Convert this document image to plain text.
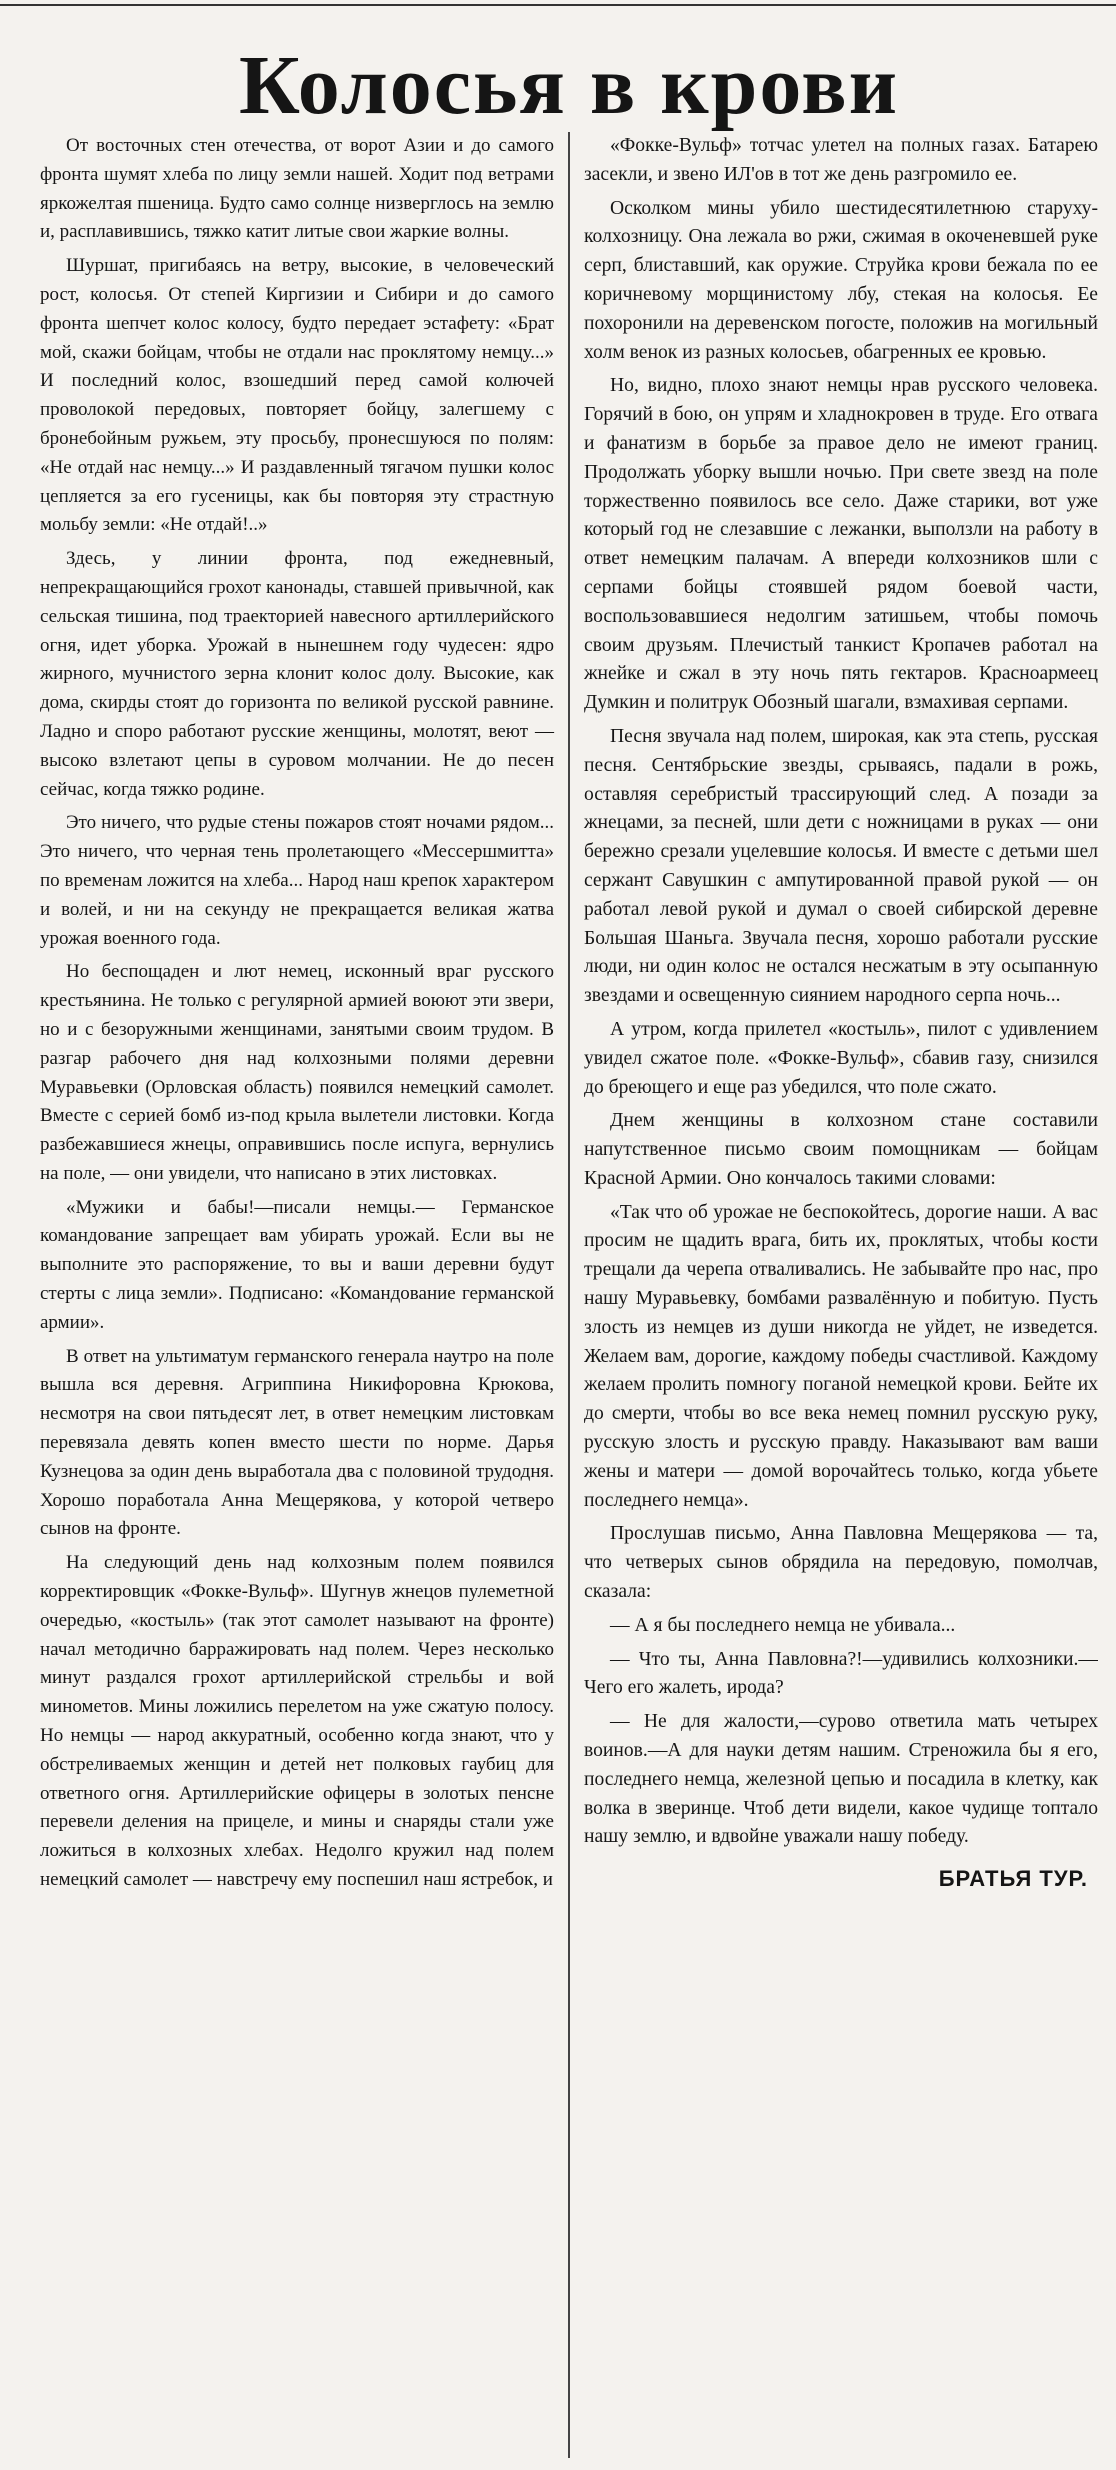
Колосья в крови

От восточных стен отечества, от ворот Азии и до самого фронта шумят хлеба по лицу земли нашей. Ходит под ветрами яркожелтая пшеница. Будто само солнце низверглось на землю и, расплавившись, тяжко катит литые свои жаркие волны.

Шуршат, пригибаясь на ветру, высокие, в человеческий рост, колосья. От степей Киргизии и Сибири и до самого фронта шепчет колос колосу, будто передает эстафету: «Брат мой, скажи бойцам, чтобы не отдали нас проклятому немцу...» И последний колос, взошедший перед самой колючей проволокой передовых, повторяет бойцу, залегшему с бронебойным ружьем, эту просьбу, пронесшуюся по полям: «Не отдай нас немцу...» И раздавленный тягачом пушки колос цепляется за его гусеницы, как бы повторяя эту страстную мольбу земли: «Не отдай!..»

Здесь, у линии фронта, под ежедневный, непрекращающийся грохот канонады, ставшей привычной, как сельская тишина, под траекторией навесного артиллерийского огня, идет уборка. Урожай в нынешнем году чудесен: ядро жирного, мучнистого зерна клонит колос долу. Высокие, как дома, скирды стоят до горизонта по великой русской равнине. Ладно и споро работают русские женщины, молотят, веют — высоко взлетают цепы в суровом молчании. Не до песен сейчас, когда тяжко родине.

Это ничего, что рудые стены пожаров стоят ночами рядом... Это ничего, что черная тень пролетающего «Мессершмитта» по временам ложится на хлеба... Народ наш крепок характером и волей, и ни на секунду не прекращается великая жатва урожая военного года.

Но беспощаден и лют немец, исконный враг русского крестьянина. Не только с регулярной армией воюют эти звери, но и с безоружными женщинами, занятыми своим трудом. В разгар рабочего дня над колхозными полями деревни Муравьевки (Орловская область) появился немецкий самолет. Вместе с серией бомб из-под крыла вылетели листовки. Когда разбежавшиеся жнецы, оправившись после испуга, вернулись на поле, — они увидели, что написано в этих листовках.

«Мужики и бабы!—писали немцы.— Германское командование запрещает вам убирать урожай. Если вы не выполните это распоряжение, то вы и ваши деревни будут стерты с лица земли». Подписано: «Командование германской армии».

В ответ на ультиматум германского генерала наутро на поле вышла вся деревня. Агриппина Никифоровна Крюкова, несмотря на свои пятьдесят лет, в ответ немецким листовкам перевязала девять копен вместо шести по норме. Дарья Кузнецова за один день выработала два с половиной трудодня. Хорошо поработала Анна Мещерякова, у которой четверо сынов на фронте.

На следующий день над колхозным полем появился корректировщик «Фокке-Вульф». Шугнув жнецов пулеметной очередью, «костыль» (так этот самолет называют на фронте) начал методично барражировать над полем. Через несколько минут раздался грохот артиллерийской стрельбы и вой минометов. Мины ложились перелетом на уже сжатую полосу. Но немцы — народ аккуратный, особенно когда знают, что у обстреливаемых женщин и детей нет полковых гаубиц для ответного огня. Артиллерийские офицеры в золотых пенсне перевели деления на прицеле, и мины и снаряды стали уже ложиться в колхозных хлебах. Недолго кружил над полем немецкий самолет — навстречу ему поспешил наш ястребок, и

«Фокке-Вульф» тотчас улетел на полных газах. Батарею засекли, и звено ИЛ'ов в тот же день разгромило ее.

Осколком мины убило шестидесятилетнюю старуху-колхозницу. Она лежала во ржи, сжимая в окоченевшей руке серп, блиставший, как оружие. Струйка крови бежала по ее коричневому морщинистому лбу, стекая на колосья. Ее похоронили на деревенском погосте, положив на могильный холм венок из разных колосьев, обагренных ее кровью.

Но, видно, плохо знают немцы нрав русского человека. Горячий в бою, он упрям и хладнокровен в труде. Его отвага и фанатизм в борьбе за правое дело не имеют границ. Продолжать уборку вышли ночью. При свете звезд на поле торжественно появилось все село. Даже старики, вот уже который год не слезавшие с лежанки, выползли на работу в ответ немецким палачам. А впереди колхозников шли с серпами бойцы стоявшей рядом боевой части, воспользовавшиеся недолгим затишьем, чтобы помочь своим друзьям. Плечистый танкист Кропачев работал на жнейке и сжал в эту ночь пять гектаров. Красноармеец Думкин и политрук Обозный шагали, взмахивая серпами.

Песня звучала над полем, широкая, как эта степь, русская песня. Сентябрьские звезды, срываясь, падали в рожь, оставляя серебристый трассирующий след. А позади за жнецами, за песней, шли дети с ножницами в руках — они бережно срезали уцелевшие колосья. И вместе с детьми шел сержант Савушкин с ампутированной правой рукой — он работал левой рукой и думал о своей сибирской деревне Большая Шаньга. Звучала песня, хорошо работали русские люди, ни один колос не остался несжатым в эту осыпанную звездами и освещенную сиянием народного серпа ночь...

А утром, когда прилетел «костыль», пилот с удивлением увидел сжатое поле. «Фокке-Вульф», сбавив газу, снизился до бреющего и еще раз убедился, что поле сжато.

Днем женщины в колхозном стане составили напутственное письмо своим помощникам — бойцам Красной Армии. Оно кончалось такими словами:

«Так что об урожае не беспокойтесь, дорогие наши. А вас просим не щадить врага, бить их, проклятых, чтобы кости трещали да черепа отваливались. Не забывайте про нас, про нашу Муравьевку, бомбами развалённую и побитую. Пусть злость из немцев из души никогда не уйдет, не изведется. Желаем вам, дорогие, каждому победы счастливой. Каждому желаем пролить помногу поганой немецкой крови. Бейте их до смерти, чтобы во все века немец помнил русскую руку, русскую злость и русскую правду. Наказывают вам ваши жены и матери — домой ворочайтесь только, когда убьете последнего немца».

Прослушав письмо, Анна Павловна Мещерякова — та, что четверых сынов обрядила на передовую, помолчав, сказала:

— А я бы последнего немца не убивала...

— Что ты, Анна Павловна?!—удивились колхозники.—Чего его жалеть, ирода?

— Не для жалости,—сурово ответила мать четырех воинов.—А для науки детям нашим. Стреножила бы я его, последнего немца, железной цепью и посадила в клетку, как волка в зверинце. Чтоб дети видели, какое чудище топтало нашу землю, и вдвойне уважали нашу победу.

БРАТЬЯ ТУР.
